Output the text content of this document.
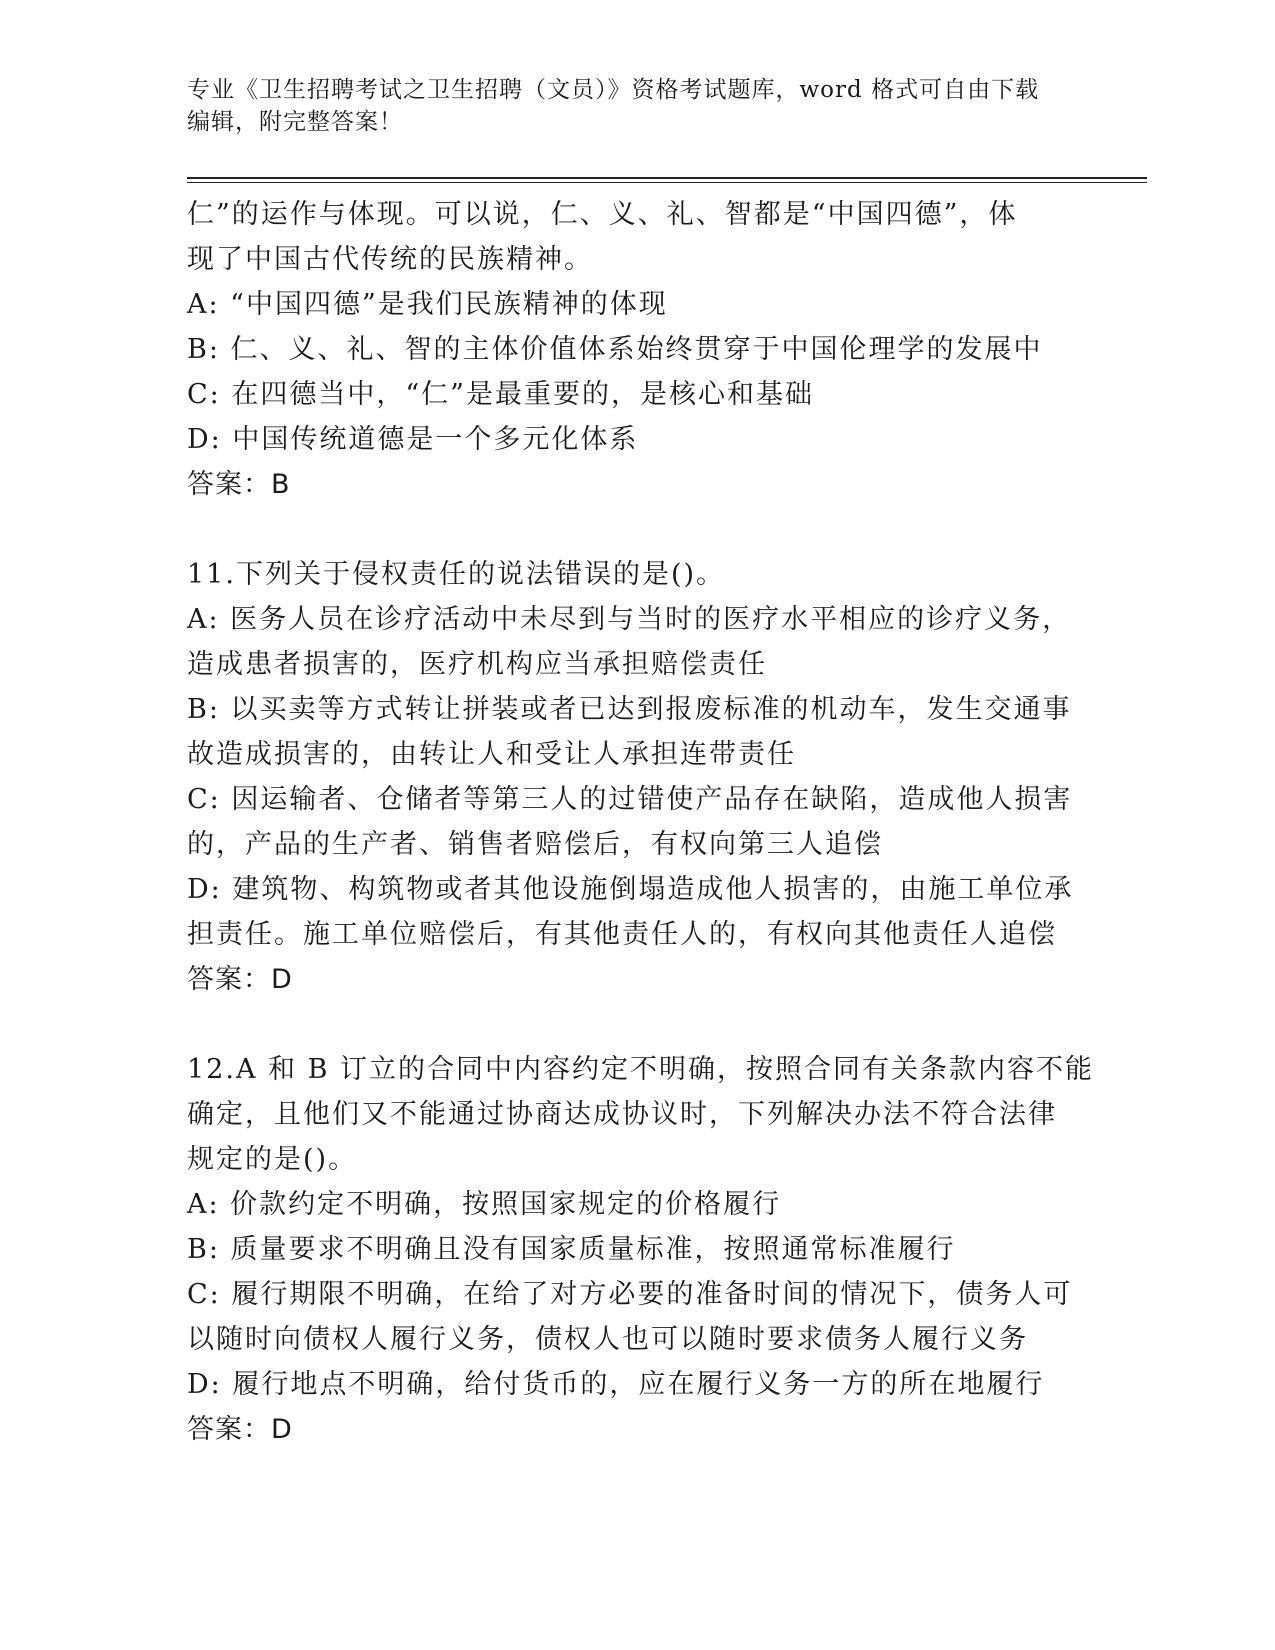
专业《卫生招聘考试之卫生招聘（文员）》资格考试题库，word 格式可自由下载
编辑，附完整答案！
仁”的运作与体现。可以说，仁、义、礼、智都是“中国四德”，体
现了中国古代传统的民族精神。
A: “中国四德”是我们民族精神的体现
B: 仁、义、礼、智的主体价值体系始终贯穿于中国伦理学的发展中
C: 在四德当中，“仁”是最重要的，是核心和基础
D: 中国传统道德是一个多元化体系
答案：B
11.下列关于侵权责任的说法错误的是()。
A: 医务人员在诊疗活动中未尽到与当时的医疗水平相应的诊疗义务，
造成患者损害的，医疗机构应当承担赔偿责任
B: 以买卖等方式转让拼装或者已达到报废标准的机动车，发生交通事
故造成损害的，由转让人和受让人承担连带责任
C: 因运输者、仓储者等第三人的过错使产品存在缺陷，造成他人损害
的，产品的生产者、销售者赔偿后，有权向第三人追偿
D: 建筑物、构筑物或者其他设施倒塌造成他人损害的，由施工单位承
担责任。施工单位赔偿后，有其他责任人的，有权向其他责任人追偿
答案：D
12.A 和 B 订立的合同中内容约定不明确，按照合同有关条款内容不能
确定，且他们又不能通过协商达成协议时，下列解决办法不符合法律
规定的是()。
A: 价款约定不明确，按照国家规定的价格履行
B: 质量要求不明确且没有国家质量标准，按照通常标准履行
C: 履行期限不明确，在给了对方必要的准备时间的情况下，债务人可
以随时向债权人履行义务，债权人也可以随时要求债务人履行义务
D: 履行地点不明确，给付货币的，应在履行义务一方的所在地履行
答案：D
